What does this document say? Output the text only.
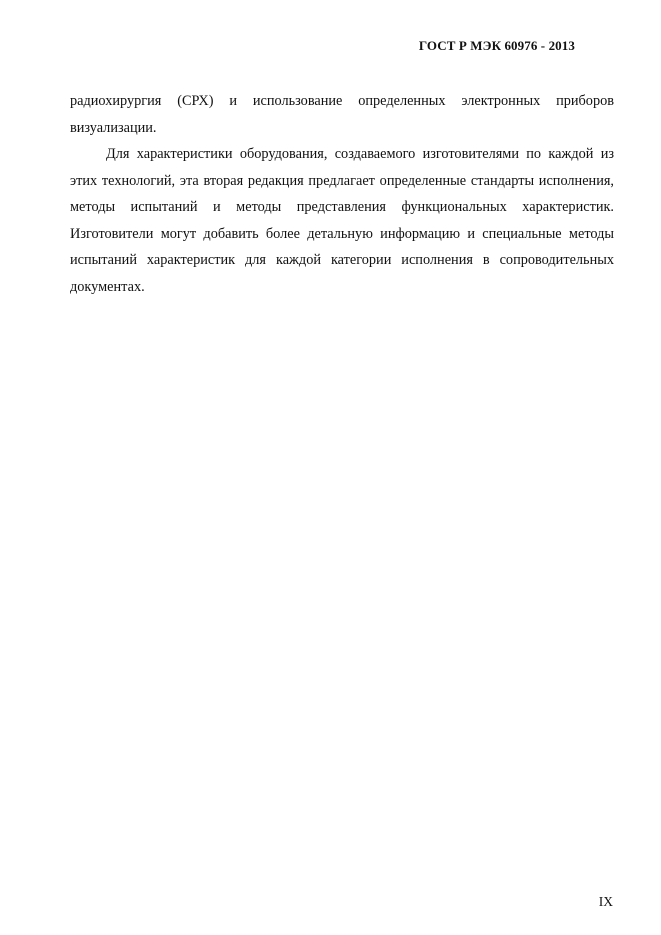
ГОСТ Р МЭК 60976 - 2013

радиохирургия (СРХ) и использование определенных электронных приборов визуализации.

Для характеристики оборудования, создаваемого изготовителями по каждой из этих технологий, эта вторая редакция предлагает определенные стандарты исполнения, методы испытаний и методы представления функциональных характеристик. Изготовители могут добавить более детальную информацию и специальные методы испытаний характеристик для каждой категории исполнения в сопроводительных документах.

IX
